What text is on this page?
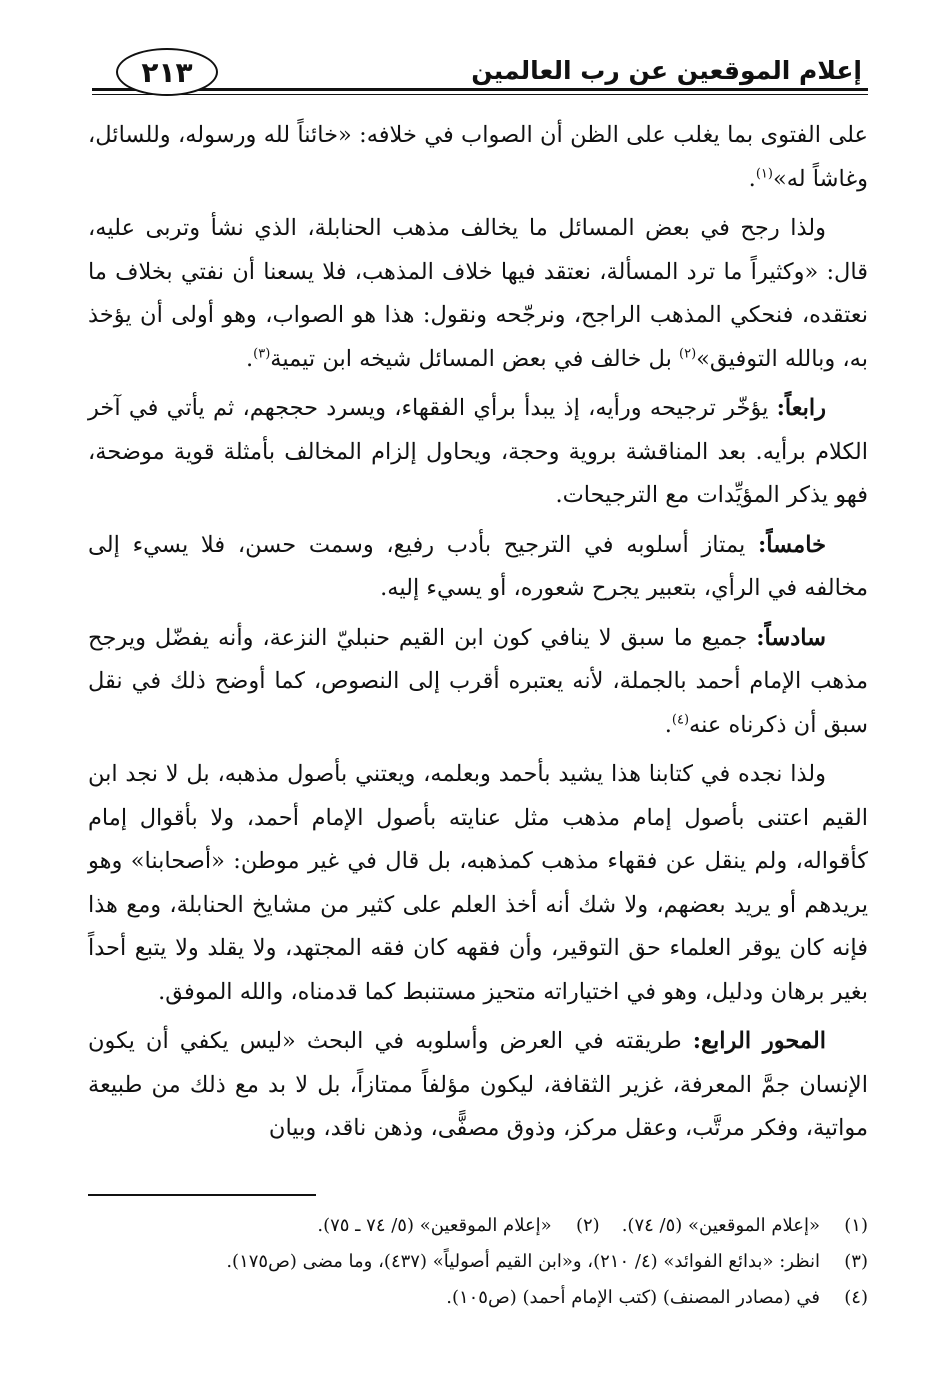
إعلام الموقعين عن رب العالمين
٢١٣

على الفتوى بما يغلب على الظن أن الصواب في خلافه: «خائناً لله ورسوله، وللسائل، وغاشاً له»$^{(١)}$.

ولذا رجح في بعض المسائل ما يخالف مذهب الحنابلة، الذي نشأ وتربى عليه، قال: «وكثيراً ما ترد المسألة، نعتقد فيها خلاف المذهب، فلا يسعنا أن نفتي بخلاف ما نعتقده، فنحكي المذهب الراجح، ونرجّحه ونقول: هذا هو الصواب، وهو أولى أن يؤخذ به، وبالله التوفيق»$^{(٢)}$ بل خالف في بعض المسائل شيخه ابن تيمية$^{(٣)}$.

رابعاً: يؤخّر ترجيحه ورأيه، إذ يبدأ برأي الفقهاء، ويسرد حججهم، ثم يأتي في آخر الكلام برأيه. بعد المناقشة بروية وحجة، ويحاول إلزام المخالف بأمثلة قوية موضحة، فهو يذكر المؤيِّدات مع الترجيحات.

خامساً: يمتاز أسلوبه في الترجيح بأدب رفيع، وسمت حسن، فلا يسيء إلى مخالفه في الرأي، بتعبير يجرح شعوره، أو يسيء إليه.

سادساً: جميع ما سبق لا ينافي كون ابن القيم حنبليّ النزعة، وأنه يفضّل ويرجح مذهب الإمام أحمد بالجملة، لأنه يعتبره أقرب إلى النصوص، كما أوضح ذلك في نقل سبق أن ذكرناه عنه$^{(٤)}$.

ولذا نجده في كتابنا هذا يشيد بأحمد وبعلمه، ويعتني بأصول مذهبه، بل لا نجد ابن القيم اعتنى بأصول إمام مذهب مثل عنايته بأصول الإمام أحمد، ولا بأقوال إمام كأقواله، ولم ينقل عن فقهاء مذهب كمذهبه، بل قال في غير موطن: «أصحابنا» وهو يريدهم أو يريد بعضهم، ولا شك أنه أخذ العلم على كثير من مشايخ الحنابلة، ومع هذا فإنه كان يوقر العلماء حق التوقير، وأن فقهه كان فقه المجتهد، ولا يقلد ولا يتبع أحداً بغير برهان ودليل، وهو في اختياراته متحيز مستنبط كما قدمناه، والله الموفق.

المحور الرابع: طريقته في العرض وأسلوبه في البحث «ليس يكفي أن يكون الإنسان جمَّ المعرفة، غزير الثقافة، ليكون مؤلفاً ممتازاً، بل لا بد مع ذلك من طبيعة مواتية، وفكر مرتَّب، وعقل مركز، وذوق مصفًّى، وذهن ناقد، وبيان

(١)
«إعلام الموقعين» (٥/ ٧٤).
(٢)
«إعلام الموقعين» (٥/ ٧٤ ـ ٧٥).
(٣)
انظر: «بدائع الفوائد» (٤/ ٢١٠)، و«ابن القيم أصولياً» (٤٣٧)، وما مضى (ص١٧٥).
(٤)
في (مصادر المصنف) (كتب الإمام أحمد) (ص١٠٥).
